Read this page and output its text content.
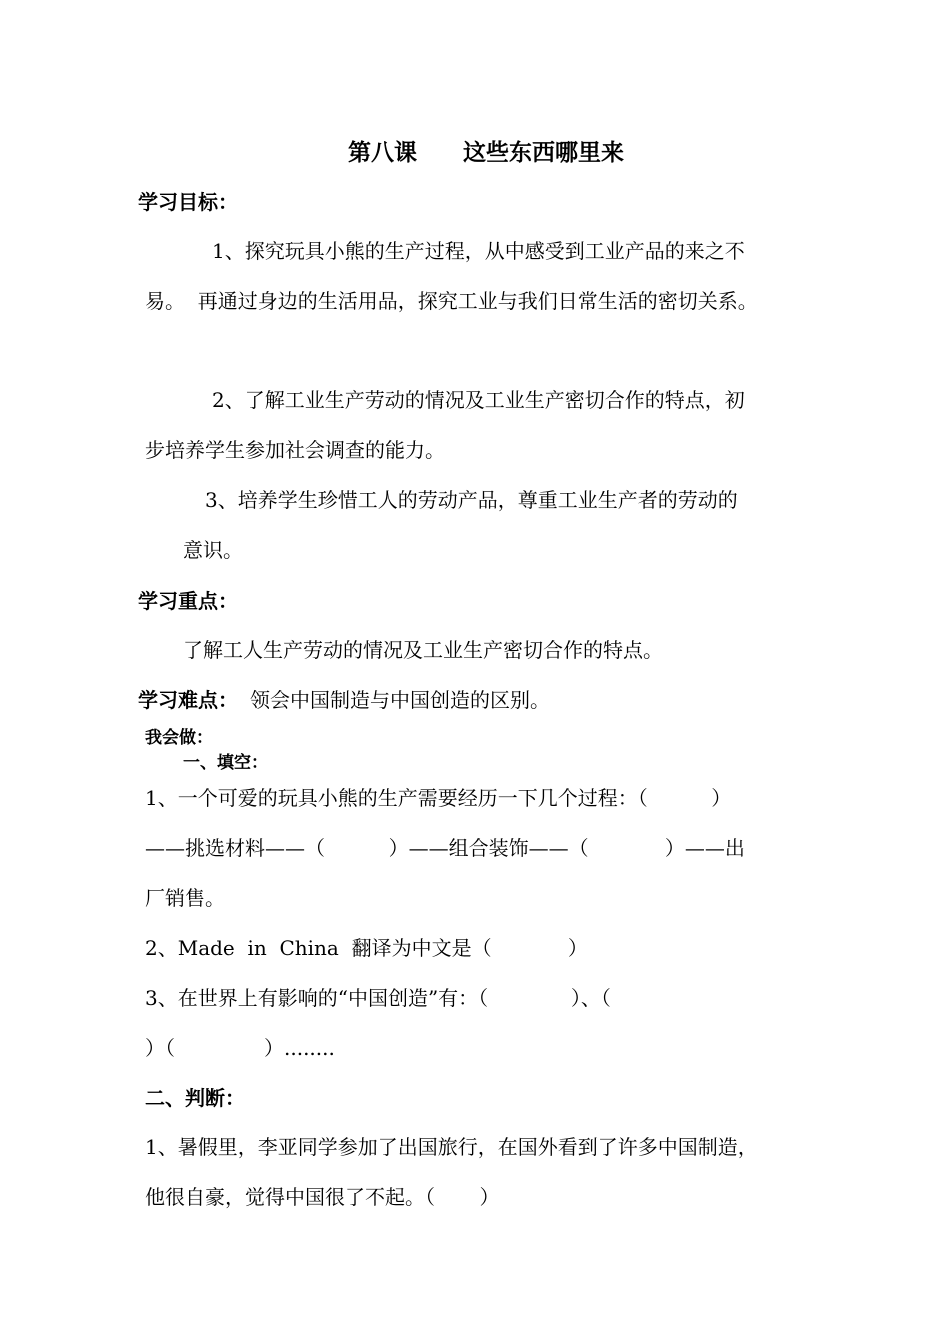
第八课 这些东西哪里来
学习目标：
1、探究玩具小熊的生产过程，从中感受到工业产品的来之不
易。  再通过身边的生活用品，探究工业与我们日常生活的密切关系。
2、了解工业生产劳动的情况及工业生产密切合作的特点，初
步培养学生参加社会调查的能力。
3、培养学生珍惜工人的劳动产品，尊重工业生产者的劳动的
意识。
学习重点：
了解工人生产劳动的情况及工业生产密切合作的特点。
学习难点： 领会中国制造与中国创造的区别。
我会做：
一、填空：
1、一个可爱的玩具小熊的生产需要经历一下几个过程：（          ）
——挑选材料——（          ）——组合装饰——（            ）——出
厂销售。
2、Made  in  China  翻译为中文是（            ）
3、在世界上有影响的“中国创造”有：（             ）、（
）（              ）........
二、判断：
1、暑假里，李亚同学参加了出国旅行，在国外看到了许多中国制造，
他很自豪，觉得中国很了不起。（       ）
